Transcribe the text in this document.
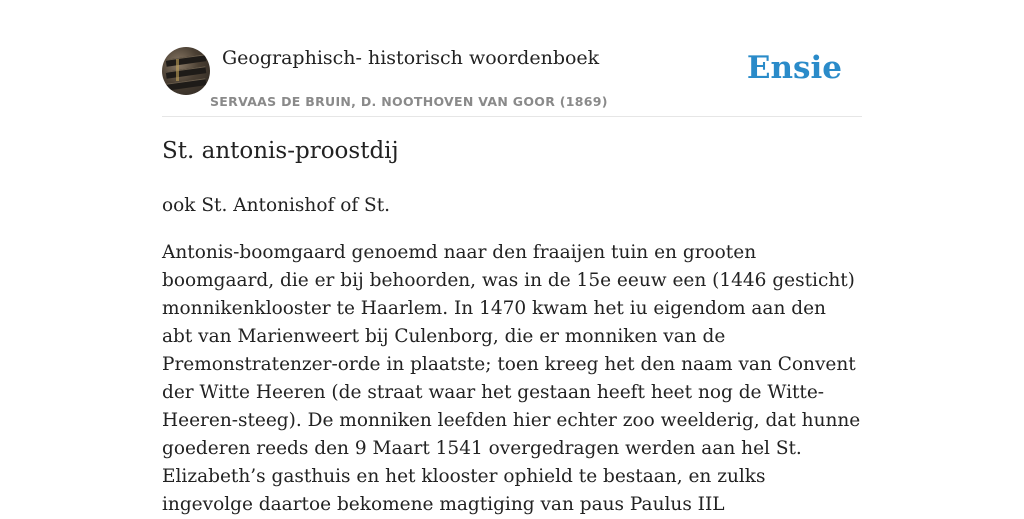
Geographisch- historisch woordenboek
SERVAAS DE BRUIN, D. NOOTHOVEN VAN GOOR (1869)
Ensie
St. antonis-proostdij

ook St. Antonishof of St.

Antonis-boomgaard genoemd naar den fraaijen tuin en grooten boomgaard, die er bij behoorden, was in de 15e eeuw een (1446 gesticht) monnikenklooster te Haarlem. In 1470 kwam het iu eigendom aan den abt van Marienweert bij Culenborg, die er monniken van de Premonstratenzer-orde in plaatste; toen kreeg het den naam van Convent der Witte Heeren (de straat waar het gestaan heeft heet nog de Witte-Heeren-steeg). De monniken leefden hier echter zoo weelderig, dat hunne goederen reeds den 9 Maart 1541 overgedragen werden aan hel St. Elizabeth’s gasthuis en het klooster ophield te bestaan, en zulks ingevolge daartoe bekomene magtiging van paus Paulus IIL
